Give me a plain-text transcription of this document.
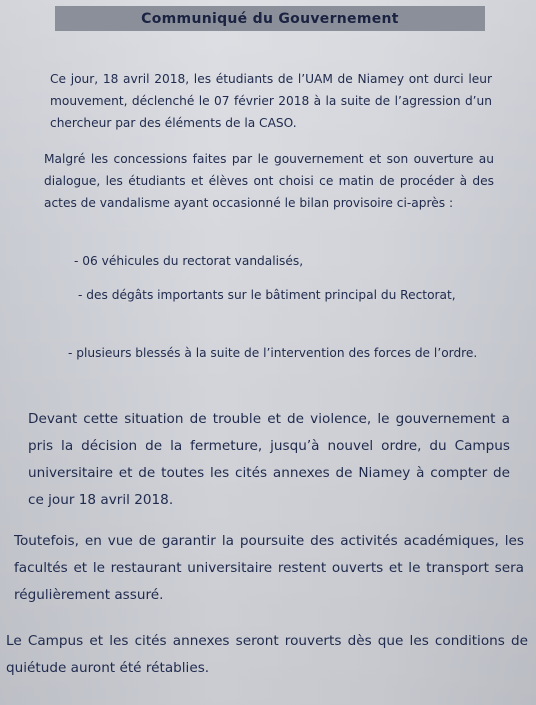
Communiqué du Gouvernement

Ce jour, 18 avril 2018, les étudiants de l’UAM de Niamey ont durci leur mouvement, déclenché le 07 février 2018 à la suite de l’agression d’un chercheur par des éléments de la CASO.

Malgré les concessions faites par le gouvernement et son ouverture au dialogue, les étudiants et élèves ont choisi ce matin de procéder à des actes de vandalisme ayant occasionné le bilan provisoire ci-après :

- 06 véhicules du rectorat vandalisés,

- des dégâts importants sur le bâtiment principal du Rectorat,

- plusieurs blessés à la suite de l’intervention des forces de l’ordre.

Devant cette situation de trouble et de violence, le gouvernement a pris la décision de la fermeture, jusqu’à nouvel ordre, du Campus universitaire et de toutes les cités annexes de Niamey à compter de ce jour 18 avril 2018.

Toutefois, en vue de garantir la poursuite des activités académiques, les facultés et le restaurant universitaire restent ouverts et le transport sera régulièrement assuré.

Le Campus et les cités annexes seront rouverts dès que les conditions de quiétude auront été rétablies.
